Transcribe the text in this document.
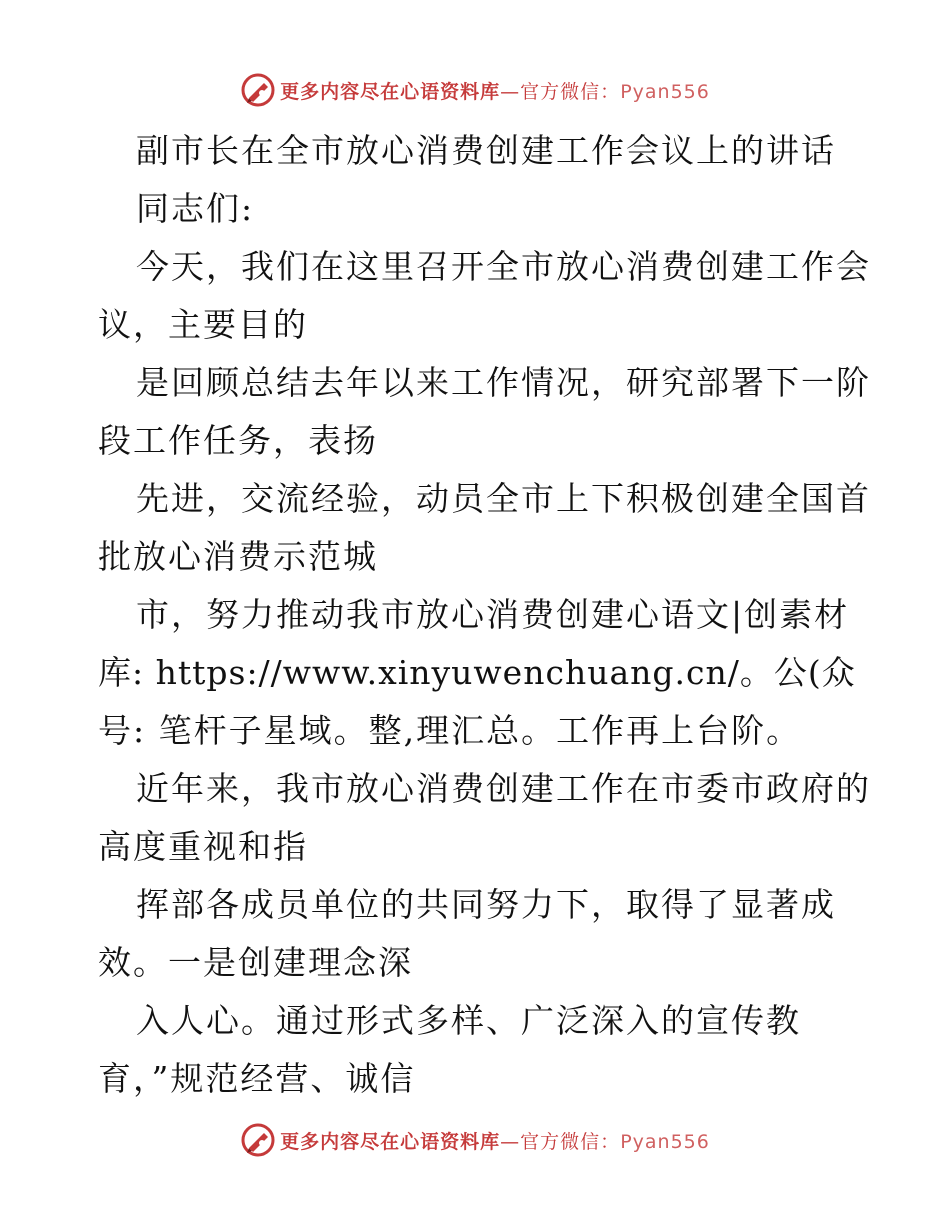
更多内容尽在心语资料库—官方微信：Pyan556
副市长在全市放心消费创建工作会议上的讲话
同志们:
今天，我们在这里召开全市放心消费创建工作会
议，主要目的
是回顾总结去年以来工作情况，研究部署下一阶
段工作任务，表扬
先进，交流经验，动员全市上下积极创建全国首
批放心消费示范城
市，努力推动我市放心消费创建心语文|创素材
库: https://www.xinyuwenchuang.cn/。公(众
号: 笔杆子星域。整,理汇总。工作再上台阶。
近年来，我市放心消费创建工作在市委市政府的
高度重视和指
挥部各成员单位的共同努力下，取得了显著成
效。一是创建理念深
入人心。通过形式多样、广泛深入的宣传教
育，”规范经营、诚信
更多内容尽在心语资料库—官方微信：Pyan556
